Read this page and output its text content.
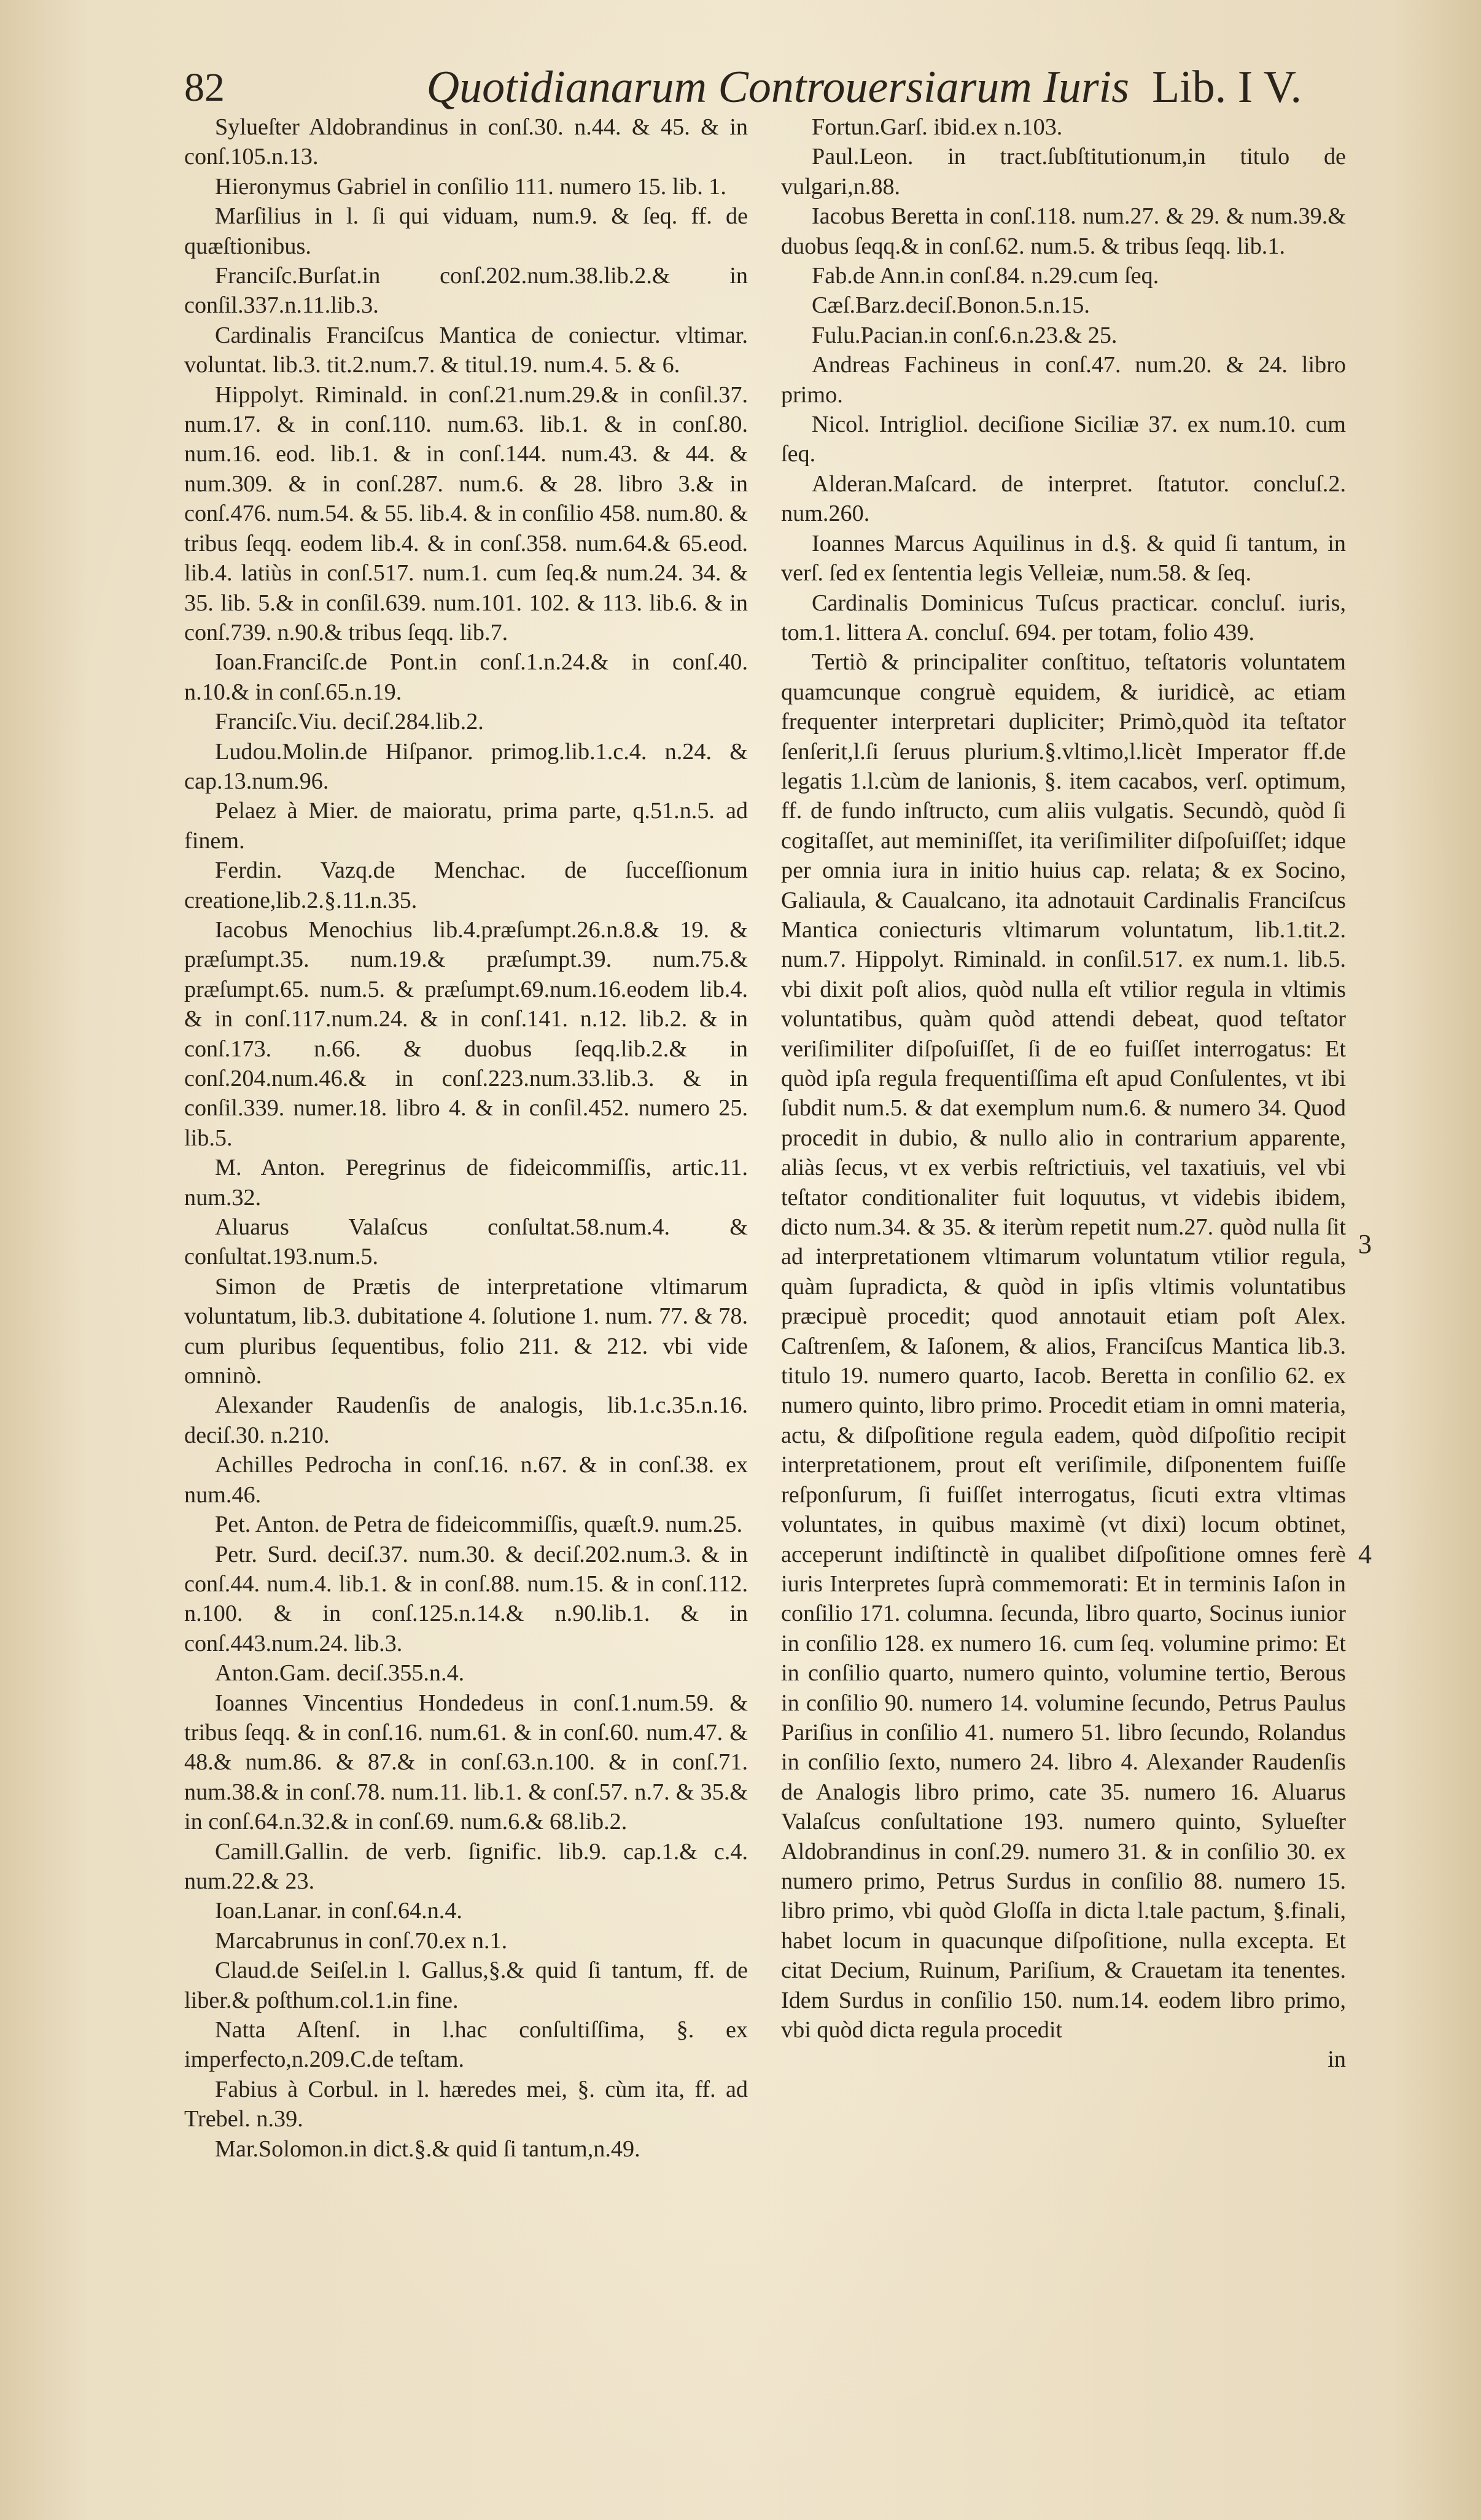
82	Quotidianarum Controuersiarum Iuris Lib. I V.

Sylueſter Aldobrandinus in conſ.30. n.44. & 45. & in conſ.105.n.13.

Hieronymus Gabriel in conſilio 111. numero 15. lib. 1.

Marſilius in l. ſi qui viduam, num.9. & ſeq. ff. de quæſtionibus.

Franciſc.Burſat.in conſ.202.num.38.lib.2.& in conſil.337.n.11.lib.3.

Cardinalis Franciſcus Mantica de coniectur. vltimar. voluntat. lib.3. tit.2.num.7. & titul.19. num.4. 5. & 6.

Hippolyt. Riminald. in conſ.21.num.29.& in conſil.37. num.17. & in conſ.110. num.63. lib.1. & in conſ.80. num.16. eod. lib.1. & in conſ.144. num.43. & 44. & num.309. & in conſ.287. num.6. & 28. libro 3.& in conſ.476. num.54. & 55. lib.4. & in conſilio 458. num.80. & tribus ſeqq. eodem lib.4. & in conſ.358. num.64.& 65.eod. lib.4. latiùs in conſ.517. num.1. cum ſeq.& num.24. 34. & 35. lib. 5.& in conſil.639. num.101. 102. & 113. lib.6. & in conſ.739. n.90.& tribus ſeqq. lib.7.

Ioan.Franciſc.de Pont.in conſ.1.n.24.& in conſ.40. n.10.& in conſ.65.n.19.

Franciſc.Viu. deciſ.284.lib.2.

Ludou.Molin.de Hiſpanor. primog.lib.1.c.4. n.24. & cap.13.num.96.

Pelaez à Mier. de maioratu, prima parte, q.51.n.5. ad finem.

Ferdin. Vazq.de Menchac. de ſucceſſionum creatione,lib.2.§.11.n.35.

Iacobus Menochius lib.4.præſumpt.26.n.8.& 19. & præſumpt.35. num.19.& præſumpt.39. num.75.& præſumpt.65. num.5. & præſumpt.69.num.16.eodem lib.4. & in conſ.117.num.24. & in conſ.141. n.12. lib.2. & in conſ.173. n.66. & duobus ſeqq.lib.2.& in conſ.204.num.46.& in conſ.223.num.33.lib.3. & in conſil.339. numer.18. libro 4. & in conſil.452. numero 25. lib.5.

M. Anton. Peregrinus de fideicommiſſis, artic.11. num.32.

Aluarus Valaſcus conſultat.58.num.4. & conſultat.193.num.5.

Simon de Prætis de interpretatione vltimarum voluntatum, lib.3. dubitatione 4. ſolutione 1. num. 77. & 78. cum pluribus ſequentibus, folio 211. & 212. vbi vide omninò.

Alexander Raudenſis de analogis, lib.1.c.35.n.16. deciſ.30. n.210.

Achilles Pedrocha in conſ.16. n.67. & in conſ.38. ex num.46.

Pet. Anton. de Petra de fideicommiſſis, quæſt.9. num.25.

Petr. Surd. deciſ.37. num.30. & deciſ.202.num.3. & in conſ.44. num.4. lib.1. & in conſ.88. num.15. & in conſ.112. n.100. & in conſ.125.n.14.& n.90.lib.1. & in conſ.443.num.24. lib.3.

Anton.Gam. deciſ.355.n.4.

Ioannes Vincentius Hondedeus in conſ.1.num.59. & tribus ſeqq. & in conſ.16. num.61. & in conſ.60. num.47. & 48.& num.86. & 87.& in conſ.63.n.100. & in conſ.71. num.38.& in conſ.78. num.11. lib.1. & conſ.57. n.7. & 35.& in conſ.64.n.32.& in conſ.69. num.6.& 68.lib.2.

Camill.Gallin. de verb. ſignific. lib.9. cap.1.& c.4. num.22.& 23.

Ioan.Lanar. in conſ.64.n.4.

Marcabrunus in conſ.70.ex n.1.

Claud.de Seiſel.in l. Gallus,§.& quid ſi tantum, ff. de liber.& poſthum.col.1.in fine.

Natta Aſtenſ. in l.hac conſultiſſima, §. ex imperfecto,n.209.C.de teſtam.

Fabius à Corbul. in l. hæredes mei, §. cùm ita, ff. ad Trebel. n.39.

Mar.Solomon.in dict.§.& quid ſi tantum,n.49.

Fortun.Garſ. ibid.ex n.103.

Paul.Leon. in tract.ſubſtitutionum,in titulo de vulgari,n.88.

Iacobus Beretta in conſ.118. num.27. & 29. & num.39.& duobus ſeqq.& in conſ.62. num.5. & tribus ſeqq. lib.1.

Fab.de Ann.in conſ.84. n.29.cum ſeq.

Cæſ.Barz.deciſ.Bonon.5.n.15.

Fulu.Pacian.in conſ.6.n.23.& 25.

Andreas Fachineus in conſ.47. num.20. & 24. libro primo.

Nicol. Intrigliol. deciſione Siciliæ 37. ex num.10. cum ſeq.

Alderan.Maſcard. de interpret. ſtatutor. concluſ.2. num.260.

Ioannes Marcus Aquilinus in d.§. & quid ſi tantum, in verſ. ſed ex ſententia legis Velleiæ, num.58. & ſeq.

Cardinalis Dominicus Tuſcus practicar. concluſ. iuris, tom.1. littera A. concluſ. 694. per totam, folio 439.

Tertiò & principaliter conſtituo, teſtatoris voluntatem quamcunque congruè equidem, & iuridicè, ac etiam frequenter interpretari dupliciter; Primò,quòd ita teſtator ſenſerit,l.ſi ſeruus plurium.§.vltimo,l.licèt Imperator ff.de legatis 1.l.cùm de lanionis, §. item cacabos, verſ. optimum, ff. de fundo inſtructo, cum aliis vulgatis. Secundò, quòd ſi cogitaſſet, aut meminiſſet, ita veriſimiliter diſpoſuiſſet; idque per omnia iura in initio huius cap. relata; & ex Socino, Galiaula, & Caualcano, ita adnotauit Cardinalis Franciſcus Mantica coniecturis vltimarum voluntatum, lib.1.tit.2. num.7. Hippolyt. Riminald. in conſil.517. ex num.1. lib.5. vbi dixit poſt alios, quòd nulla eſt vtilior regula in vltimis voluntatibus, quàm quòd attendi debeat, quod teſtator veriſimiliter diſpoſuiſſet, ſi de eo fuiſſet interrogatus: Et quòd ipſa regula frequentiſſima eſt apud Conſulentes, vt ibi ſubdit num.5. & dat exemplum num.6. & numero 34. Quod procedit in dubio, & nullo alio in contrarium apparente, aliàs ſecus, vt ex verbis reſtrictiuis, vel taxatiuis, vel vbi teſtator conditionaliter fuit loquutus, vt videbis ibidem, dicto num.34. & 35. & iterùm repetit num.27. quòd nulla ſit ad interpretationem vltimarum voluntatum vtilior regula, quàm ſupradicta, & quòd in ipſis vltimis voluntatibus præcipuè procedit; quod annotauit etiam poſt Alex. Caſtrenſem, & Iaſonem, & alios, Franciſcus Mantica lib.3. titulo 19. numero quarto, Iacob. Beretta in conſilio 62. ex numero quinto, libro primo. Procedit etiam in omni materia, actu, & diſpoſitione regula eadem, quòd diſpoſitio recipit interpretationem, prout eſt veriſimile, diſponentem fuiſſe reſponſurum, ſi fuiſſet interrogatus, ſicuti extra vltimas voluntates, in quibus maximè (vt dixi) locum obtinet, acceperunt indiſtinctè in qualibet diſpoſitione omnes ferè iuris Interpretes ſuprà commemorati: Et in terminis Iaſon in conſilio 171. columna. ſecunda, libro quarto, Socinus iunior in conſilio 128. ex numero 16. cum ſeq. volumine primo: Et in conſilio quarto, numero quinto, volumine tertio, Berous in conſilio 90. numero 14. volumine ſecundo, Petrus Paulus Pariſius in conſilio 41. numero 51. libro ſecundo, Rolandus in conſilio ſexto, numero 24. libro 4. Alexander Raudenſis de Analogis libro primo, cate 35. numero 16. Aluarus Valaſcus conſultatione 193. numero quinto, Sylueſter Aldobrandinus in conſ.29. numero 31. & in conſilio 30. ex numero primo, Petrus Surdus in conſilio 88. numero 15. libro primo, vbi quòd Gloſſa in dicta l.tale pactum, §.finali, habet locum in quacunque diſpoſitione, nulla excepta. Et citat Decium, Ruinum, Pariſium, & Crauetam ita tenentes. Idem Surdus in conſilio 150. num.14. eodem libro primo, vbi quòd dicta regula procedit

in

3
4
